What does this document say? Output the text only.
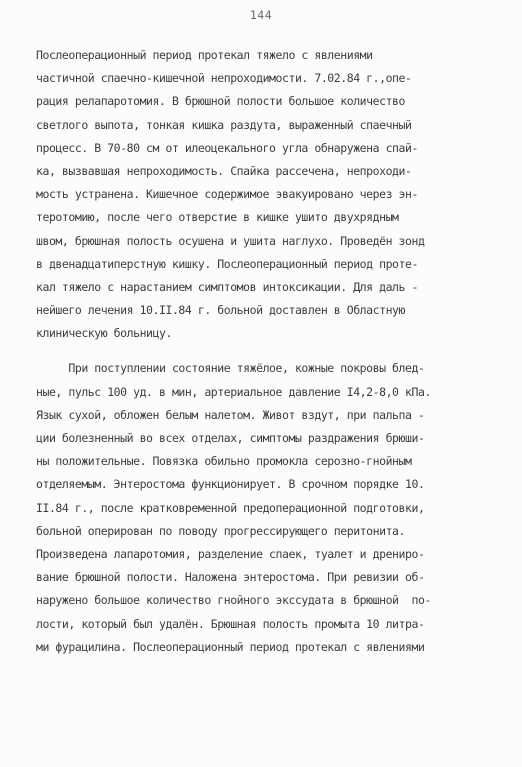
144
Послеоперационный период протекал тяжело с явлениями
частичной спаечно-кишечной непроходимости. 7.02.84 г.,опе-
рация релапаротомия. В брюшной полости большое количество
светлого выпота, тонкая кишка раздута, выраженный спаечный
процесс. В 70-80 см от илеоцекального угла обнаружена спай-
ка, вызвавшая непроходимость. Спайка рассечена, непроходи-
мость устранена. Кишечное содержимое эвакуировано через эн-
теротомию, после чего отверстие в кишке ушито двухрядным
швом, брюшная полость осушена и ушита наглухо. Проведён зонд
в двенадцатиперстную кишку. Послеоперационный период проте-
кал тяжело с нарастанием симптомов интоксикации. Для даль -
нейшего лечения 10.II.84 г. больной доставлен в Областную
клиническую больницу.
При поступлении состояние тяжёлое, кожные покровы блед-
ные, пульс 100 уд. в мин, артериальное давление I4,2-8,0 кПа.
Язык сухой, обложен белым налетом. Живот вздут, при пальпа -
ции болезненный во всех отделах, симптомы раздражения брюши-
ны положительные. Повязка обильно промокла серозно-гнойным
отделяемым. Энтеростома функционирует. В срочном порядке 10.
II.84 г., после кратковременной предоперационной подготовки,
больной оперирован по поводу прогрессирующего перитонита.
Произведена лапаротомия, разделение спаек, туалет и дрениро-
вание брюшной полости. Наложена энтеростома. При ревизии об-
наружено большое количество гнойного экссудата в брюшной  по-
лости, который был удалён. Брюшная полость промыта 10 литра-
ми фурацилина. Послеоперационный период протекал с явлениями
